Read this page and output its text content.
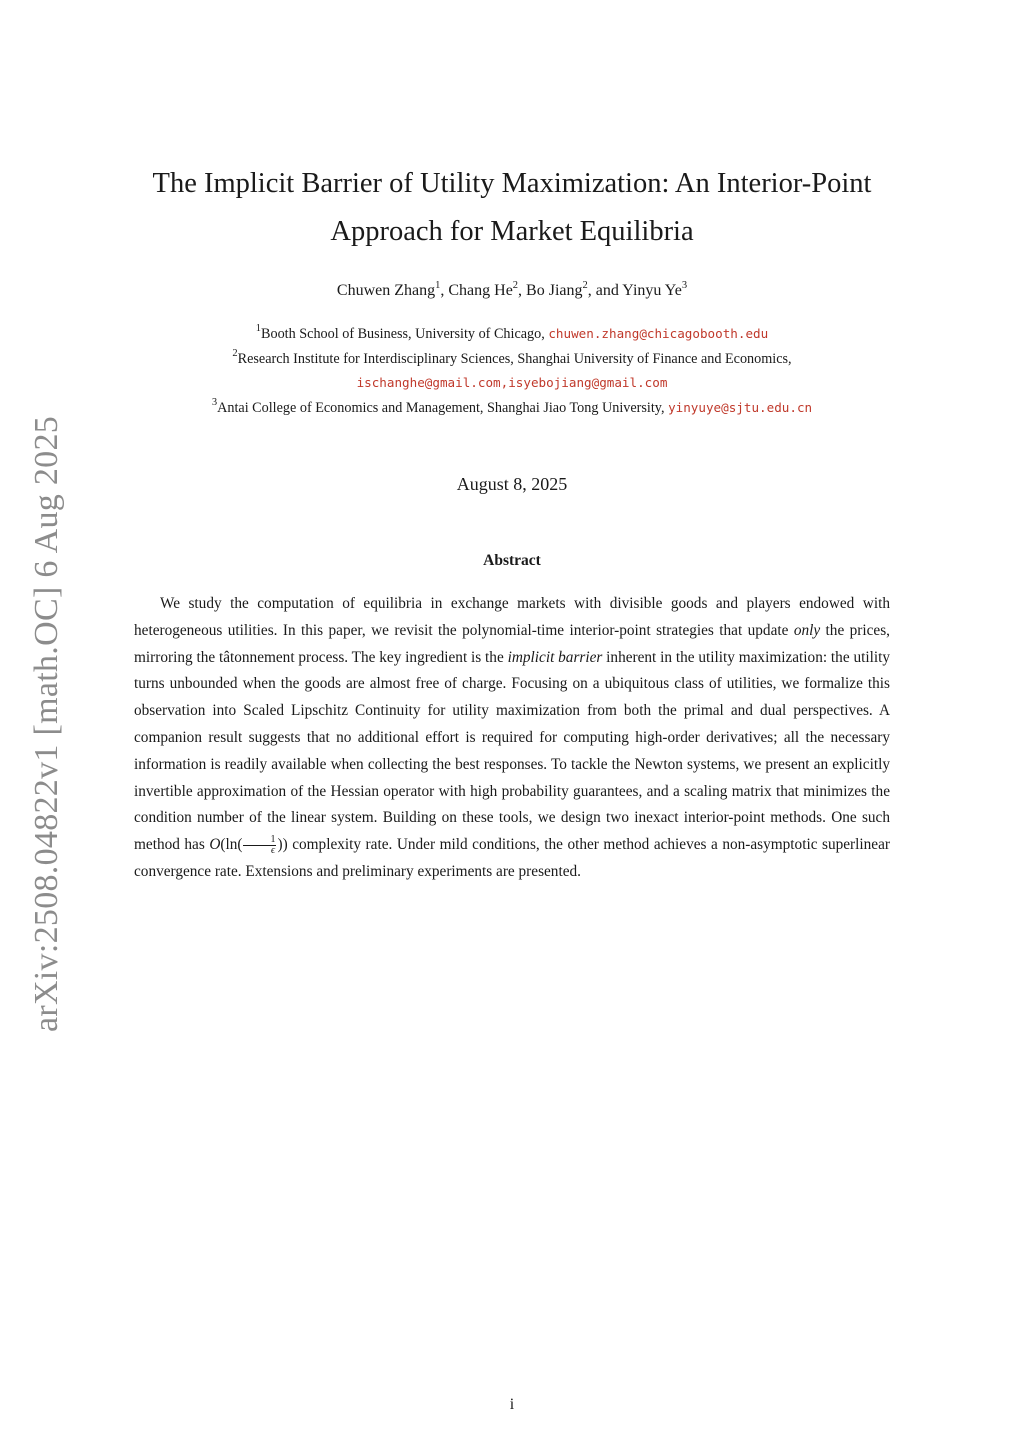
arXiv:2508.04822v1 [math.OC] 6 Aug 2025
The Implicit Barrier of Utility Maximization: An Interior-Point
Approach for Market Equilibria
Chuwen Zhang$^1$, Chang He$^2$, Bo Jiang$^2$, and Yinyu Ye$^3$
$^1$Booth School of Business, University of Chicago, chuwen.zhang@chicagobooth.edu
$^2$Research Institute for Interdisciplinary Sciences, Shanghai University of Finance and Economics,
ischanghe@gmail.com,isyebojiang@gmail.com
$^3$Antai College of Economics and Management, Shanghai Jiao Tong University, yinyuye@sjtu.edu.cn
August 8, 2025
Abstract

We study the computation of equilibria in exchange markets with divisible goods and players endowed with heterogeneous utilities. In this paper, we revisit the polynomial-time interior-point strategies that update only the prices, mirroring the tâtonnement process. The key ingredient is the implicit barrier inherent in the utility maximization: the utility turns unbounded when the goods are almost free of charge. Focusing on a ubiquitous class of utilities, we formalize this observation into Scaled Lipschitz Continuity for utility maximization from both the primal and dual perspectives. A companion result suggests that no additional effort is required for computing high-order derivatives; all the necessary information is readily available when collecting the best responses. To tackle the Newton systems, we present an explicitly invertible approximation of the Hessian operator with high probability guarantees, and a scaling matrix that minimizes the condition number of the linear system. Building on these tools, we design two inexact interior-point methods. One such method has $O(\ln( \frac{1}{\epsilon}$ )) complexity rate. Under mild conditions, the other method achieves a non-asymptotic superlinear convergence rate. Extensions and preliminary experiments are presented.

i
